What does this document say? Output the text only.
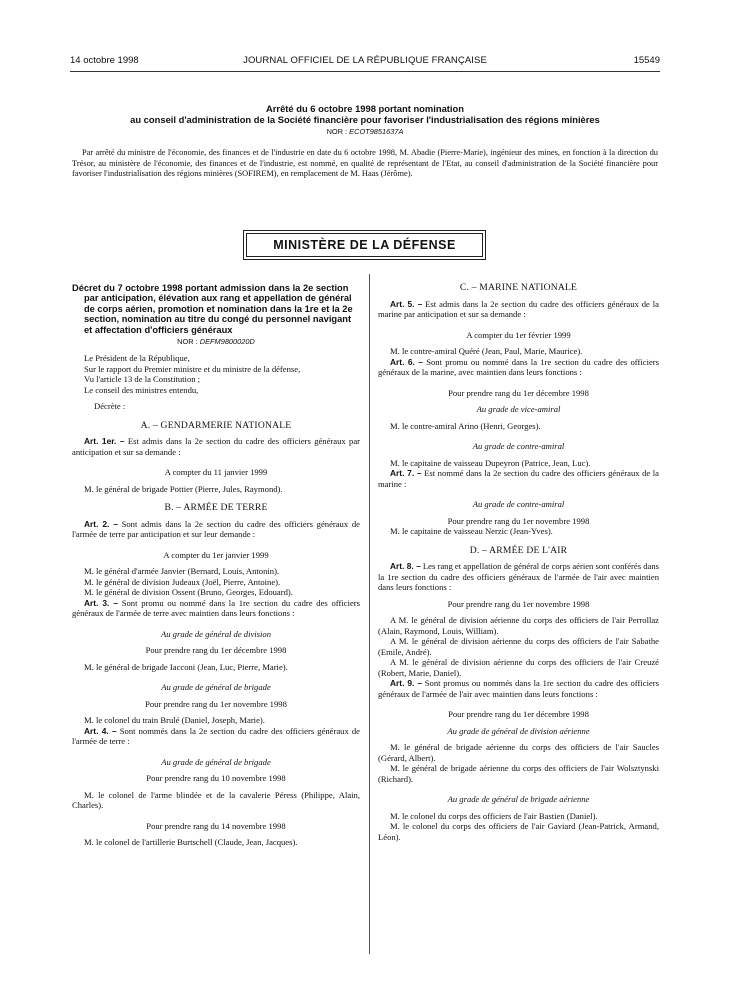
14 octobre 1998	JOURNAL OFFICIEL DE LA RÉPUBLIQUE FRANÇAISE	15549
Arrêté du 6 octobre 1998 portant nomination
au conseil d'administration de la Société financière pour favoriser l'industrialisation des régions minières
NOR : ECOT9851637A

Par arrêté du ministre de l'économie, des finances et de l'industrie en date du 6 octobre 1998, M. Abadie (Pierre-Marie), ingénieur des mines, en fonction à la direction du Trésor, au ministère de l'économie, des finances et de l'industrie, est nommé, en qualité de représentant de l'Etat, au conseil d'administration de la Société financière pour favoriser l'industrialisation des régions minières (SOFIREM), en remplacement de M. Haas (Jérôme).

MINISTÈRE DE LA DÉFENSE
Décret du 7 octobre 1998 portant admission dans la 2e section par anticipation, élévation aux rang et appellation de général de corps aérien, promotion et nomination dans la 1re et la 2e section, nomination au titre du congé du personnel navigant et affectation d'officiers généraux
NOR : DEFM9800020D

Le Président de la République,

Sur le rapport du Premier ministre et du ministre de la défense,

Vu l'article 13 de la Constitution ;

Le conseil des ministres entendu,

Décrète :

A. – GENDARMERIE NATIONALE

Art. 1er. – Est admis dans la 2e section du cadre des officiers généraux par anticipation et sur sa demande :

A compter du 11 janvier 1999

M. le général de brigade Pottier (Pierre, Jules, Raymond).

B. – ARMÉE DE TERRE

Art. 2. – Sont admis dans la 2e section du cadre des officiers généraux de l'armée de terre par anticipation et sur leur demande :

A compter du 1er janvier 1999

M. le général d'armée Janvier (Bernard, Louis, Antonin).

M. le général de division Judeaux (Joël, Pierre, Antoine).

M. le général de division Ossent (Bruno, Georges, Edouard).

Art. 3. – Sont promu ou nommé dans la 1re section du cadre des officiers généraux de l'armée de terre avec maintien dans leurs fonctions :

Au grade de général de division

Pour prendre rang du 1er décembre 1998

M. le général de brigade Iacconi (Jean, Luc, Pierre, Marie).

Au grade de général de brigade

Pour prendre rang du 1er novembre 1998

M. le colonel du train Brulé (Daniel, Joseph, Marie).

Art. 4. – Sont nommés dans la 2e section du cadre des officiers généraux de l'armée de terre :

Au grade de général de brigade

Pour prendre rang du 10 novembre 1998

M. le colonel de l'arme blindée et de la cavalerie Péress (Philippe, Alain, Charles).

Pour prendre rang du 14 novembre 1998

M. le colonel de l'artillerie Burtschell (Claude, Jean, Jacques).

C. – MARINE NATIONALE

Art. 5. – Est admis dans la 2e section du cadre des officiers généraux de la marine par anticipation et sur sa demande :

A compter du 1er février 1999

M. le contre-amiral Quéré (Jean, Paul, Marie, Maurice).

Art. 6. – Sont promu ou nommé dans la 1re section du cadre des officiers généraux de la marine, avec maintien dans leurs fonctions :

Pour prendre rang du 1er décembre 1998

Au grade de vice-amiral

M. le contre-amiral Arino (Henri, Georges).

Au grade de contre-amiral

M. le capitaine de vaisseau Dupeyron (Patrice, Jean, Luc).

Art. 7. – Est nommé dans la 2e section du cadre des officiers généraux de la marine :

Au grade de contre-amiral

Pour prendre rang du 1er novembre 1998

M. le capitaine de vaisseau Nerzic (Jean-Yves).

D. – ARMÉE DE L'AIR

Art. 8. – Les rang et appellation de général de corps aérien sont conférés dans la 1re section du cadre des officiers généraux de l'armée de l'air avec maintien dans leurs fonctions :

Pour prendre rang du 1er novembre 1998

A M. le général de division aérienne du corps des officiers de l'air Perrollaz (Alain, Raymond, Louis, William).

A M. le général de division aérienne du corps des officiers de l'air Sabathe (Emile, André).

A M. le général de division aérienne du corps des officiers de l'air Creuzé (Robert, Marie, Daniel).

Art. 9. – Sont promus ou nommés dans la 1re section du cadre des officiers généraux de l'armée de l'air avec maintien dans leurs fonctions :

Pour prendre rang du 1er décembre 1998

Au grade de général de division aérienne

M. le général de brigade aérienne du corps des officiers de l'air Saucles (Gérard, Albert).

M. le général de brigade aérienne du corps des officiers de l'air Wolsztynski (Richard).

Au grade de général de brigade aérienne

M. le colonel du corps des officiers de l'air Bastien (Daniel).

M. le colonel du corps des officiers de l'air Gaviard (Jean-Patrick, Armand, Léon).
